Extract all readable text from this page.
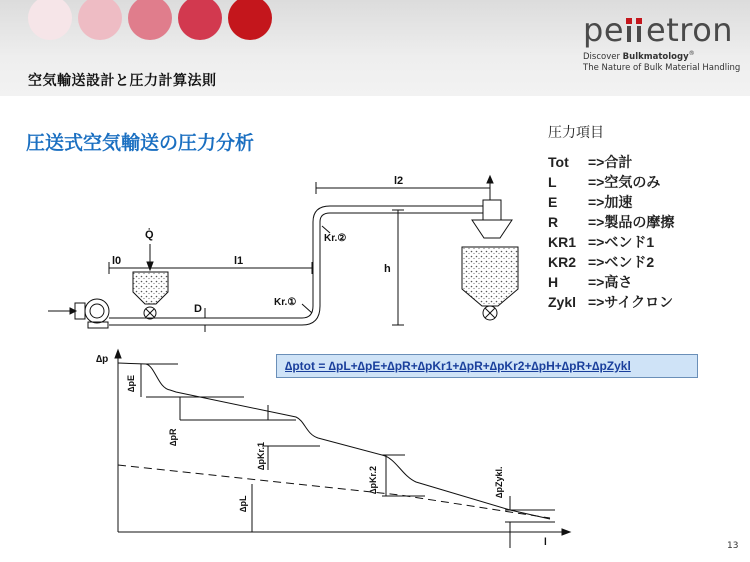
空気輸送設計と圧力計算法則
pe etron
Discover Bulkmatology®
The Nature of Bulk Material Handling
圧送式空気輸送の圧力分析	圧力項目
Tot =>合計
L =>空気のみ
E =>加速
R =>製品の摩擦
KR1 =>ベンド1
KR2 =>ベンド2
H =>高さ
Zykl =>サイクロン
Q̇
l0	l1
l2
h
D
Kr.①
Kr.②
∆p
l
∆pE
∆pR
∆pKr.1
∆pKr.2
∆pL
∆pZykl.
∆ptot = ∆pL+∆pE+∆pR+∆pKr1+∆pR+∆pKr2+∆pH+∆pR+∆pZykl
13
